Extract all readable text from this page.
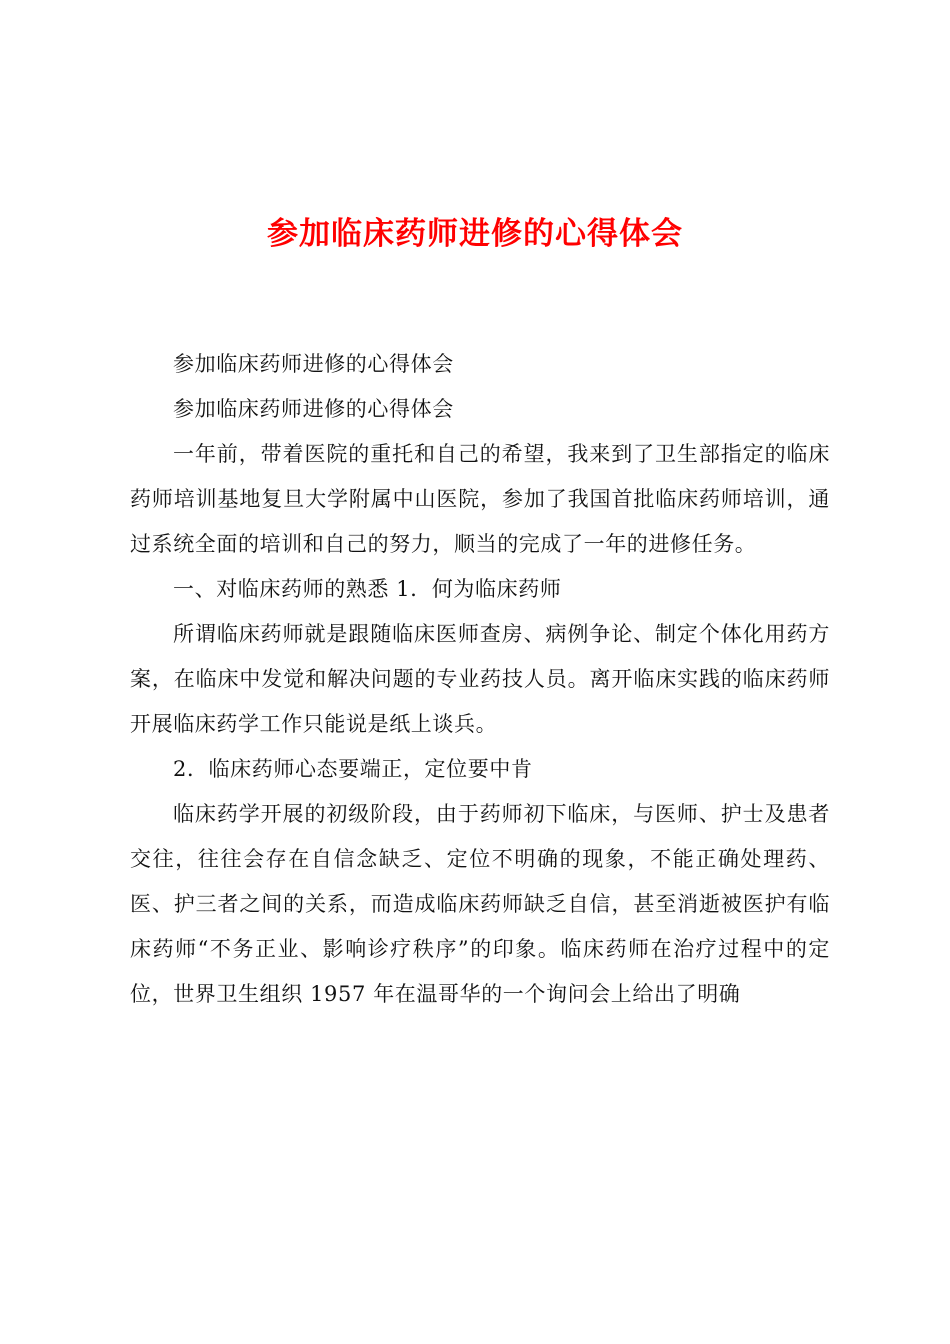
参加临床药师进修的心得体会

参加临床药师进修的心得体会

参加临床药师进修的心得体会

一年前，带着医院的重托和自己的希望，我来到了卫生部指定的临床药师培训基地复旦大学附属中山医院，参加了我国首批临床药师培训，通过系统全面的培训和自己的努力，顺当的完成了一年的进修任务。

一、对临床药师的熟悉 1．何为临床药师

所谓临床药师就是跟随临床医师查房、病例争论、制定个体化用药方案，在临床中发觉和解决问题的专业药技人员。离开临床实践的临床药师开展临床药学工作只能说是纸上谈兵。

2．临床药师心态要端正，定位要中肯

临床药学开展的初级阶段，由于药师初下临床，与医师、护士及患者交往，往往会存在自信念缺乏、定位不明确的现象，不能正确处理药、医、护三者之间的关系，而造成临床药师缺乏自信，甚至消逝被医护有临床药师“不务正业、影响诊疗秩序”的印象。临床药师在治疗过程中的定位，世界卫生组织 1957 年在温哥华的一个询问会上给出了明确
